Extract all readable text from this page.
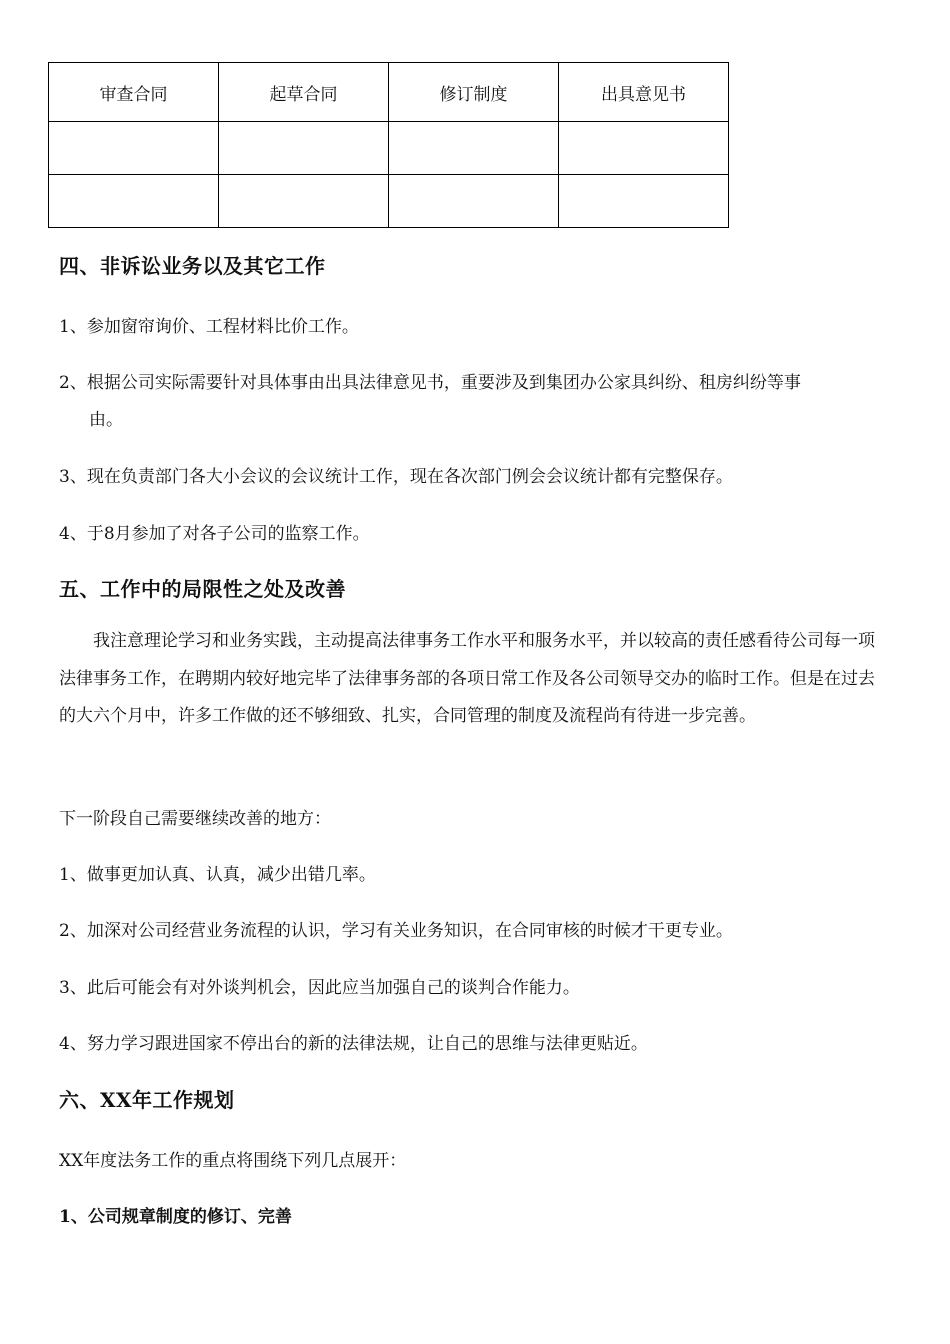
审查合同	起草合同	修订制度	出具意见书

四、非诉讼业务以及其它工作
1、参加窗帘询价、工程材料比价工作。
2、根据公司实际需要针对具体事由出具法律意见书，重要涉及到集团办公家具纠纷、租房纠纷等事
由。
3、现在负责部门各大小会议的会议统计工作，现在各次部门例会会议统计都有完整保存。
4、于8月参加了对各子公司的监察工作。
五、工作中的局限性之处及改善
我注意理论学习和业务实践，主动提高法律事务工作水平和服务水平，并以较高的责任感看待公司每一项法律事务工作，在聘期内较好地完毕了法律事务部的各项日常工作及各公司领导交办的临时工作。但是在过去的大六个月中，许多工作做的还不够细致、扎实，合同管理的制度及流程尚有待进一步完善。
下一阶段自己需要继续改善的地方：
1、做事更加认真、认真，减少出错几率。
2、加深对公司经营业务流程的认识，学习有关业务知识，在合同审核的时候才干更专业。
3、此后可能会有对外谈判机会，因此应当加强自己的谈判合作能力。
4、努力学习跟进国家不停出台的新的法律法规，让自己的思维与法律更贴近。
六、XX年工作规划
XX年度法务工作的重点将围绕下列几点展开：
1、公司规章制度的修订、完善
